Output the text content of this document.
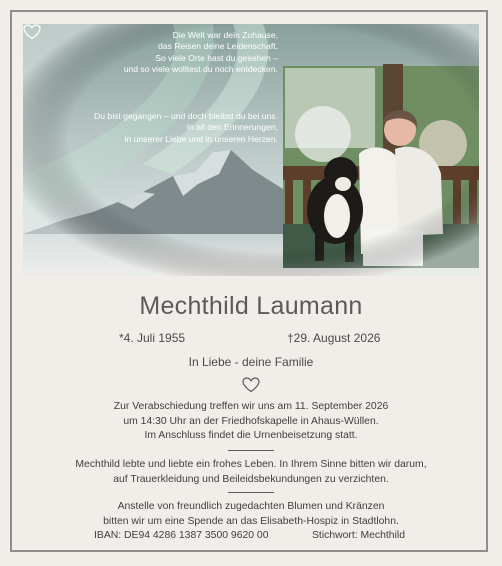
Die Welt war dein Zuhause,
das Reisen deine Leidenschaft.
So viele Orte hast du gesehen –
und so viele wolltest du noch entdecken.
Du bist gegangen – und doch bleibst du bei uns.
In all den Erinnerungen,
in unserer Liebe und in unseren Herzen.
Mechthild Laumann
*4. Juli 1955	†29. August 2026
In Liebe - deine Familie
Zur Verabschiedung treffen wir uns am 11. September 2026
um 14:30 Uhr an der Friedhofskapelle in Ahaus-Wüllen.
Im Anschluss findet die Urnenbeisetzung statt.
Mechthild lebte und liebte ein frohes Leben. In Ihrem Sinne bitten wir darum,
auf Trauerkleidung und Beileidsbekundungen zu verzichten.
Anstelle von freundlich zugedachten Blumen und Kränzen
bitten wir um eine Spende an das Elisabeth-Hospiz in Stadtlohn.
IBAN: DE94 4286 1387 3500 9620 00	Stichwort: Mechthild
